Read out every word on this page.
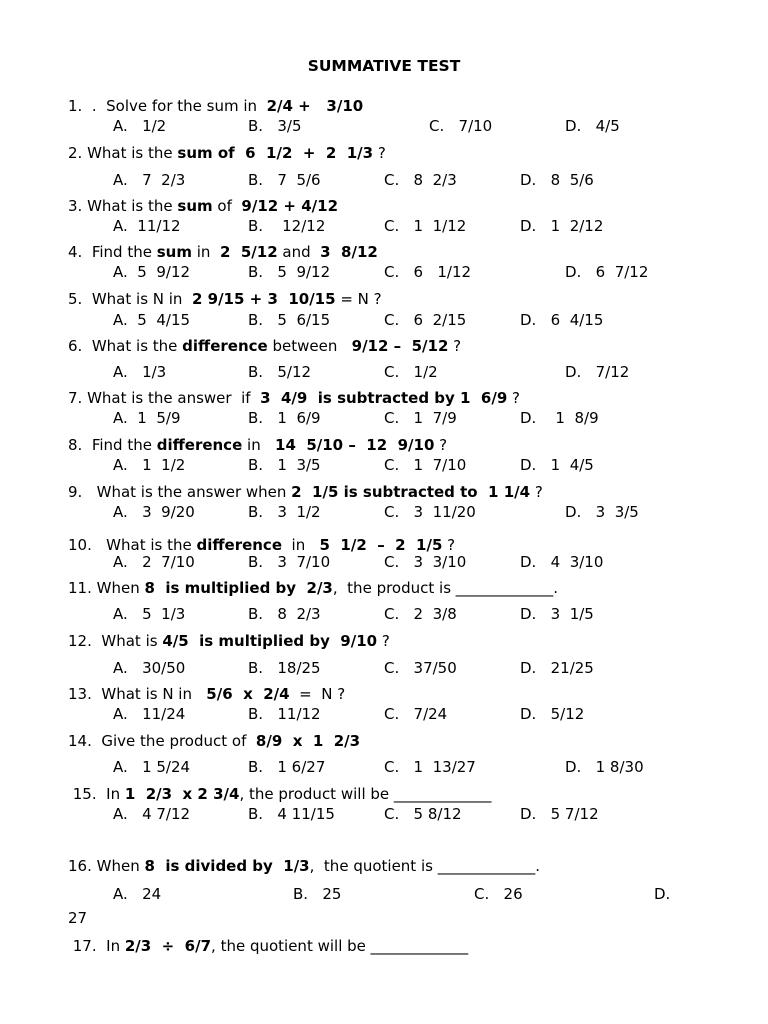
SUMMATIVE TEST
1.  .  Solve for the sum in  2/4 +   3/10
A.   1/2	B.   3/5	C.   7/10	D.   4/5
2. What is the sum of  6  1/2  +  2  1/3 ?
A.   7  2/3	B.   7  5/6	C.   8  2/3	D.   8  5/6
3. What is the sum of  9/12 + 4/12
A.  11/12	B.    12/12	C.   1  1/12	D.   1  2/12
4.  Find the sum in  2  5/12 and  3  8/12
A.  5  9/12	B.   5  9/12	C.   6   1/12	D.   6  7/12
5.  What is N in  2 9/15 + 3  10/15 = N ?
A.  5  4/15	B.   5  6/15	C.   6  2/15	D.   6  4/15
6.  What is the difference between   9/12 –  5/12 ?
A.   1/3	B.   5/12	C.   1/2	D.   7/12
7. What is the answer  if  3  4/9  is subtracted by 1  6/9 ?
A.  1  5/9	B.   1  6/9	C.   1  7/9	D.    1  8/9
8.  Find the difference in   14  5/10 –  12  9/10 ?
A.   1  1/2	B.   1  3/5	C.   1  7/10	D.   1  4/5
9.   What is the answer when 2  1/5 is subtracted to  1 1/4 ?
A.   3  9/20	B.   3  1/2	C.   3  11/20	D.   3  3/5
10.   What is the difference  in   5  1/2  –  2  1/5 ?
A.   2  7/10	B.   3  7/10	C.   3  3/10	D.   4  3/10
11. When 8  is multiplied by  2/3,  the product is _____________.
A.   5  1/3	B.   8  2/3	C.   2  3/8	D.   3  1/5
12.  What is 4/5  is multiplied by  9/10 ?
A.   30/50	B.   18/25	C.   37/50	D.   21/25
13.  What is N in   5/6  x  2/4  =  N ?
A.   11/24	B.   11/12	C.   7/24	D.   5/12
14.  Give the product of  8/9  x  1  2/3
A.   1 5/24	B.   1 6/27	C.   1  13/27	D.   1 8/30
15.  In 1  2/3  x 2 3/4, the product will be _____________
A.   4 7/12	B.   4 11/15	C.   5 8/12	D.   5 7/12
16. When 8  is divided by  1/3,  the quotient is _____________.
A.   24	B.   25	C.   26	D.
27
17.  In 2/3  ÷  6/7, the quotient will be _____________
